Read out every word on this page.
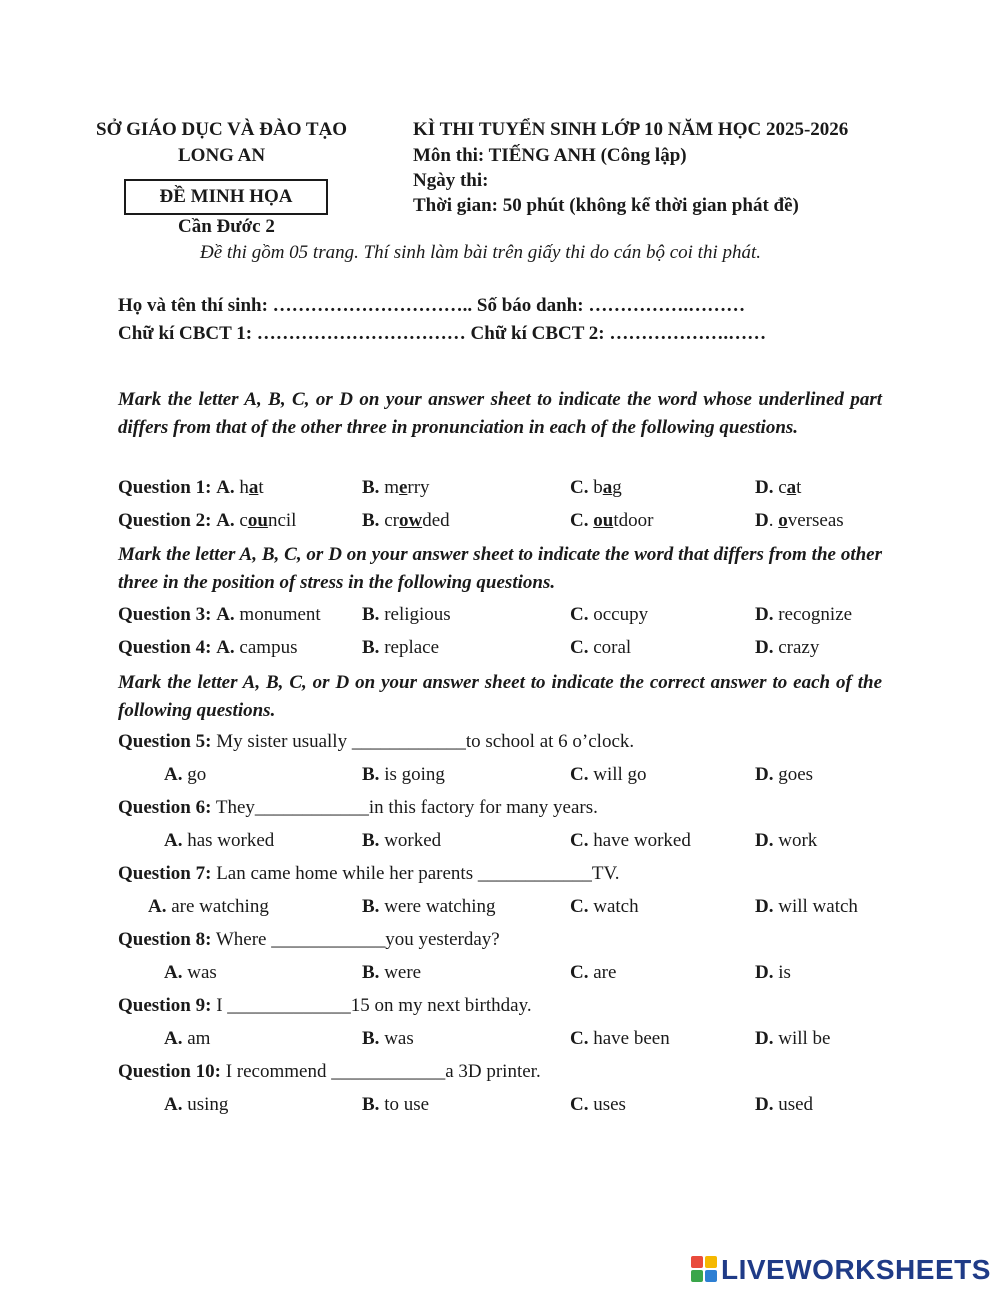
SỞ GIÁO DỤC VÀ ĐÀO TẠO
LONG AN
ĐỀ MINH HỌA
Cần Đước 2
KÌ THI TUYỂN SINH LỚP 10 NĂM HỌC 2025-2026
Môn thi: TIẾNG ANH (Công lập)
Ngày thi:
Thời gian: 50 phút (không kể thời gian phát đề)
Đề thi gồm 05 trang. Thí sinh làm bài trên giấy thi do cán bộ coi thi phát.
Họ và tên thí sinh: ………………………….. Số báo danh: …………….………
Chữ kí CBCT 1: …………………………… Chữ kí CBCT 2: ……………….……
Mark the letter A, B, C, or D on your answer sheet to indicate the word whose underlined part differs from that of the other three in pronunciation in each of the following questions.
Question 1: A. hat	B. merry	C. bag	D. cat
Question 2: A. council	B. crowded	C. outdoor	D. overseas
Mark the letter A, B, C, or D on your answer sheet to indicate the word that differs from the other three in the position of stress in the following questions.
Question 3: A. monument B. religious	C. occupy	D. recognize
Question 4: A. campus	B. replace	C. coral	D. crazy
Mark the letter A, B, C, or D on your answer sheet to indicate the correct answer to each of the following questions.
Question 5: My sister usually ____________to school at 6 o’clock.
A. go	B. is going	C. will go	D. goes
Question 6: They____________in this factory for many years.
A. has worked	B. worked	C. have worked	D. work
Question 7: Lan came home while her parents ____________TV.
A. are watching	B. were watching	C. watch	D. will watch
Question 8: Where ____________you yesterday?
A. was	B. were	C. are	D. is
Question 9: I _____________15 on my next birthday.
A. am	B. was	C. have been	D. will be
Question 10: I recommend ____________a 3D printer.
A. using	B. to use	C. uses	D. used
LIVEWORKSHEETS
